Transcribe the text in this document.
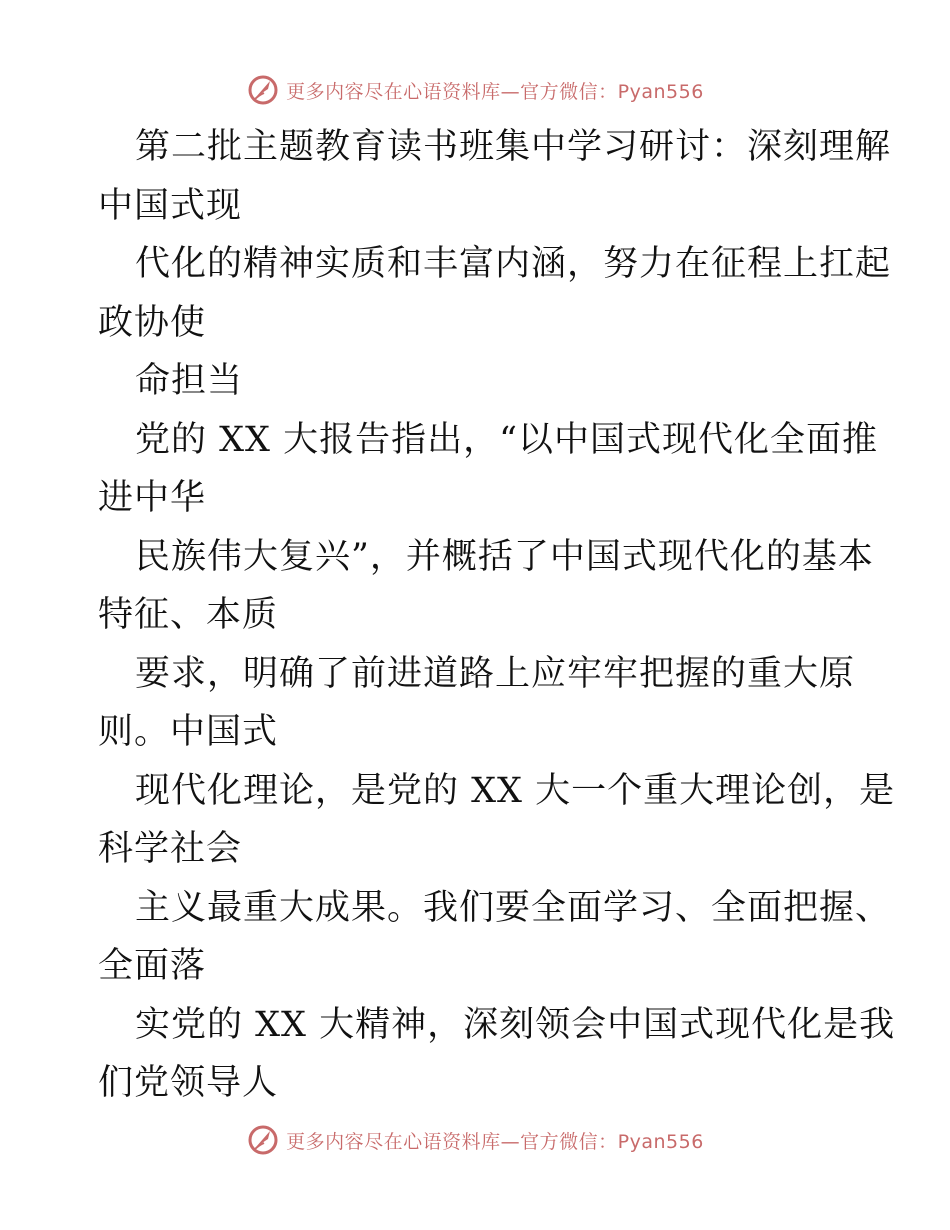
更多内容尽在心语资料库—官方微信：Pyan556
第二批主题教育读书班集中学习研讨：深刻理解
中国式现
代化的精神实质和丰富内涵，努力在征程上扛起
政协使
命担当
党的 XX 大报告指出，“以中国式现代化全面推
进中华
民族伟大复兴”，并概括了中国式现代化的基本
特征、本质
要求，明确了前进道路上应牢牢把握的重大原
则。中国式
现代化理论，是党的 XX 大一个重大理论创，是
科学社会
主义最重大成果。我们要全面学习、全面把握、
全面落
实党的 XX 大精神，深刻领会中国式现代化是我
们党领导人
更多内容尽在心语资料库—官方微信：Pyan556
